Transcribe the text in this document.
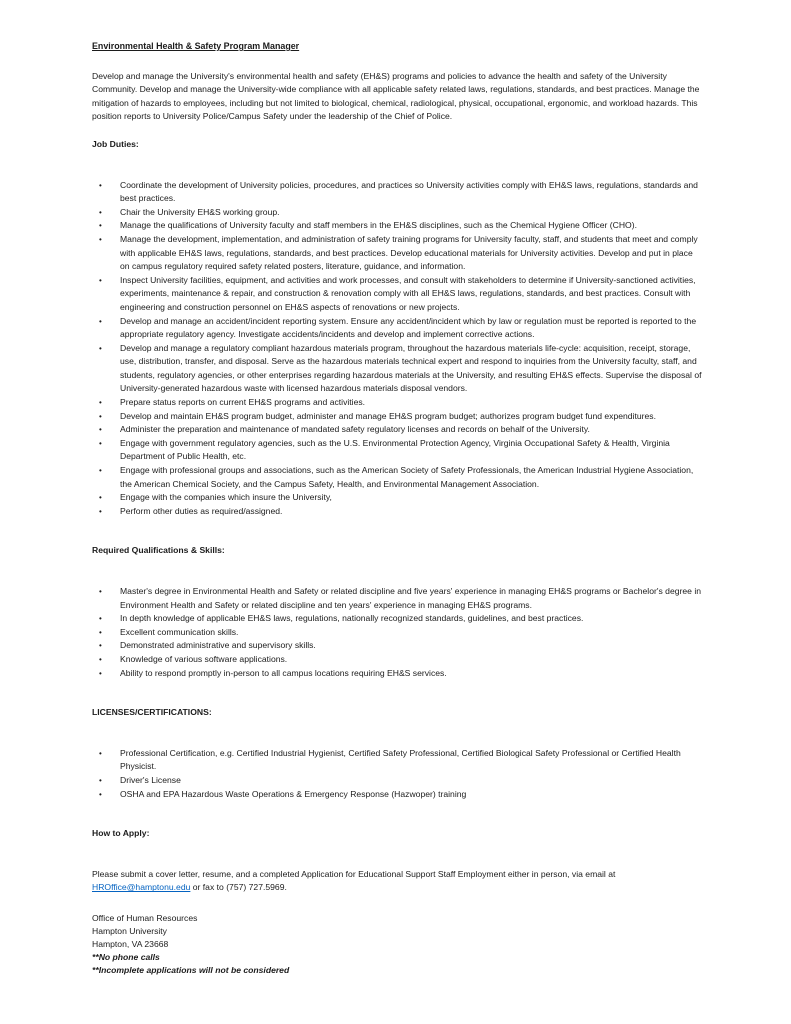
Environmental Health & Safety Program Manager

Develop and manage the University's environmental health and safety (EH&S) programs and policies to advance the health and safety of the University Community. Develop and manage the University-wide compliance with all applicable safety related laws, regulations, standards, and best practices. Manage the mitigation of hazards to employees, including but not limited to biological, chemical, radiological, physical, occupational, ergonomic, and workload hazards. This position reports to University Police/Campus Safety under the leadership of the Chief of Police.

Job Duties:
• Coordinate the development of University policies, procedures, and practices so University activities comply with EH&S laws, regulations, standards and best practices.
• Chair the University EH&S working group.
• Manage the qualifications of University faculty and staff members in the EH&S disciplines, such as the Chemical Hygiene Officer (CHO).
• Manage the development, implementation, and administration of safety training programs for University faculty, staff, and students that meet and comply with applicable EH&S laws, regulations, standards, and best practices. Develop educational materials for University activities. Develop and put in place on campus regulatory required safety related posters, literature, guidance, and information.
• Inspect University facilities, equipment, and activities and work processes, and consult with stakeholders to determine if University-sanctioned activities, experiments, maintenance & repair, and construction & renovation comply with all EH&S laws, regulations, standards, and best practices. Consult with engineering and construction personnel on EH&S aspects of renovations or new projects.
• Develop and manage an accident/incident reporting system. Ensure any accident/incident which by law or regulation must be reported is reported to the appropriate regulatory agency. Investigate accidents/incidents and develop and implement corrective actions.
• Develop and manage a regulatory compliant hazardous materials program, throughout the hazardous materials life-cycle: acquisition, receipt, storage, use, distribution, transfer, and disposal. Serve as the hazardous materials technical expert and respond to inquiries from the University faculty, staff, and students, regulatory agencies, or other enterprises regarding hazardous materials at the University, and resulting EH&S effects. Supervise the disposal of University-generated hazardous waste with licensed hazardous materials disposal vendors.
• Prepare status reports on current EH&S programs and activities.
• Develop and maintain EH&S program budget, administer and manage EH&S program budget; authorizes program budget fund expenditures.
• Administer the preparation and maintenance of mandated safety regulatory licenses and records on behalf of the University.
• Engage with government regulatory agencies, such as the U.S. Environmental Protection Agency, Virginia Occupational Safety & Health, Virginia Department of Public Health, etc.
• Engage with professional groups and associations, such as the American Society of Safety Professionals, the American Industrial Hygiene Association, the American Chemical Society, and the Campus Safety, Health, and Environmental Management Association.
• Engage with the companies which insure the University,
• Perform other duties as required/assigned.
Required Qualifications & Skills:
• Master's degree in Environmental Health and Safety or related discipline and five years' experience in managing EH&S programs or Bachelor's degree in Environment Health and Safety or related discipline and ten years' experience in managing EH&S programs.
• In depth knowledge of applicable EH&S laws, regulations, nationally recognized standards, guidelines, and best practices.
• Excellent communication skills.
• Demonstrated administrative and supervisory skills.
• Knowledge of various software applications.
• Ability to respond promptly in-person to all campus locations requiring EH&S services.
LICENSES/CERTIFICATIONS:
• Professional Certification, e.g. Certified Industrial Hygienist, Certified Safety Professional, Certified Biological Safety Professional or Certified Health Physicist.
• Driver's License
• OSHA and EPA Hazardous Waste Operations & Emergency Response (Hazwoper) training
How to Apply:

Please submit a cover letter, resume, and a completed Application for Educational Support Staff Employment either in person, via email at HROffice@hamptonu.edu or fax to (757) 727.5969.

Office of Human Resources
Hampton University
Hampton, VA 23668
**No phone calls
**Incomplete applications will not be considered
